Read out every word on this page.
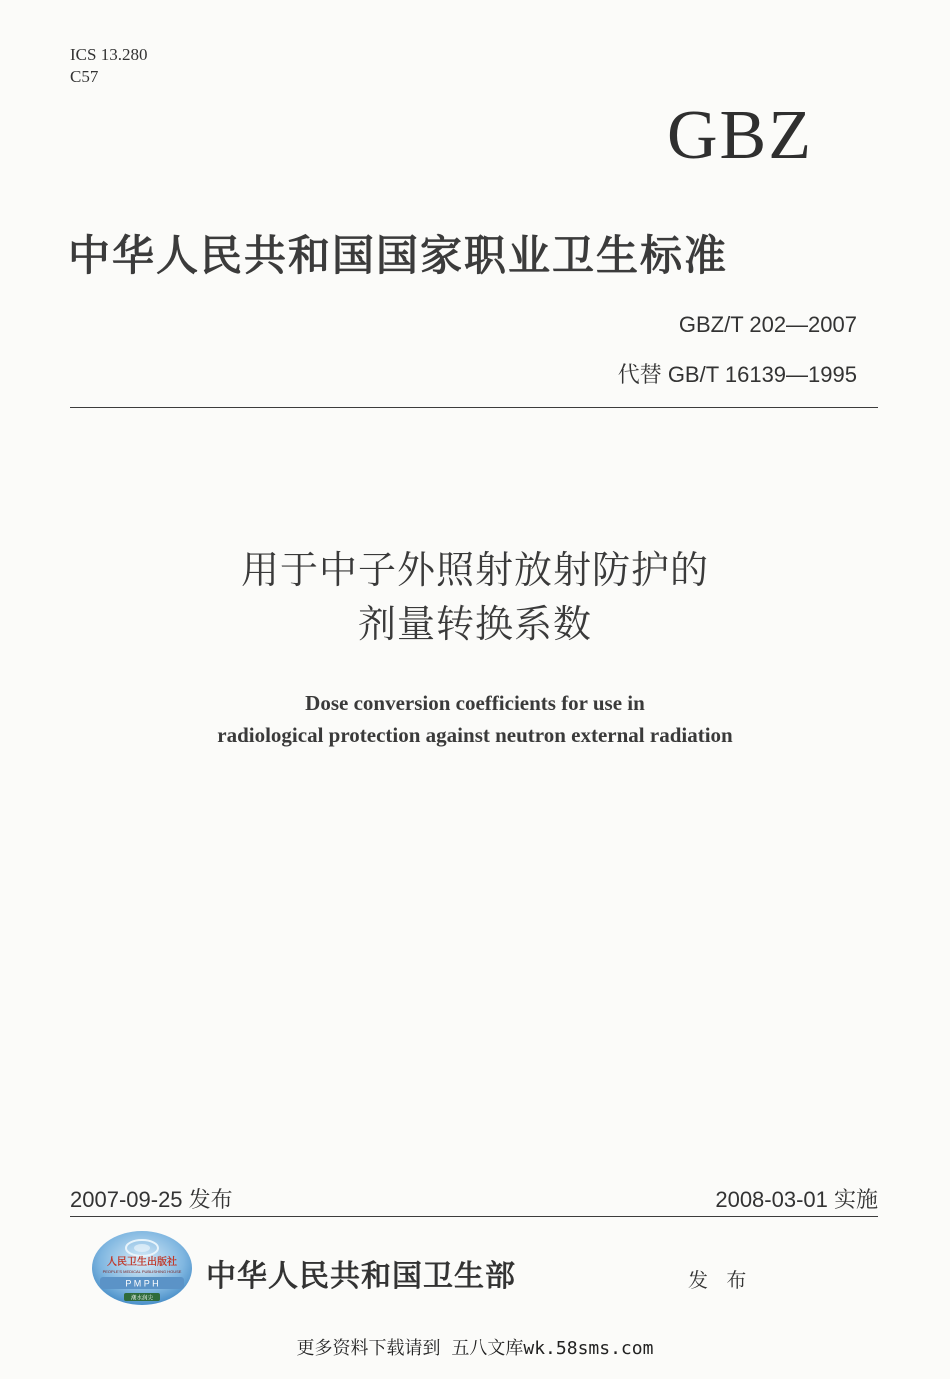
ICS 13.280
C57
GBZ
中华人民共和国国家职业卫生标准
GBZ/T 202—2007
代替 GB/T 16139—1995
用于中子外照射放射防护的
剂量转换系数
Dose conversion coefficients for use in
radiological protection against neutron external radiation
2007-09-25 发布	2008-03-01 实施
人民卫生出版社
PEOPLE'S MEDICAL PUBLISHING HOUSE
P M P H
潮水润尖
中华人民共和国卫生部	发 布
更多资料下载请到 五八文库wk.58sms.com
